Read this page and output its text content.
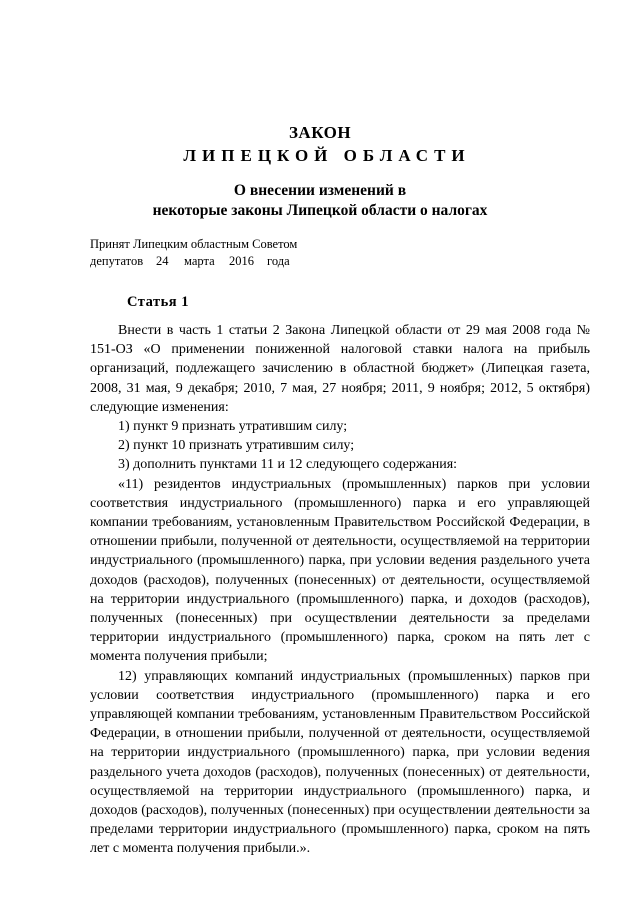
ЗАКОН
ЛИПЕЦКОЙ ОБЛАСТИ
О внесении изменений в
некоторые законы Липецкой области о налогах
Принят Липецким областным Советом
депутатов	24	марта	2016	года
Статья 1

Внести в часть 1 статьи 2 Закона Липецкой области от 29 мая 2008 года № 151-ОЗ «О применении пониженной налоговой ставки налога на прибыль организаций, подлежащего зачислению в областной бюджет» (Липецкая газета, 2008, 31 мая, 9 декабря; 2010, 7 мая, 27 ноября; 2011, 9 ноября; 2012, 5 октября) следующие изменения:

1) пункт 9 признать утратившим силу;

2) пункт 10 признать утратившим силу;

3) дополнить пунктами 11 и 12 следующего содержания:

«11) резидентов индустриальных (промышленных) парков при условии соответствия индустриального (промышленного) парка и его управляющей компании требованиям, установленным Правительством Российской Федерации, в отношении прибыли, полученной от деятельности, осуществляемой на территории индустриального (промышленного) парка, при условии ведения раздельного учета доходов (расходов), полученных (понесенных) от деятельности, осуществляемой на территории индустриального (промышленного) парка, и доходов (расходов), полученных (понесенных) при осуществлении деятельности за пределами территории индустриального (промышленного) парка, сроком на пять лет с момента получения прибыли;

12) управляющих компаний индустриальных (промышленных) парков при условии соответствия индустриального (промышленного) парка и его управляющей компании требованиям, установленным Правительством Российской Федерации, в отношении прибыли, полученной от деятельности, осуществляемой на территории индустриального (промышленного) парка, при условии ведения раздельного учета доходов (расходов), полученных (понесенных) от деятельности, осуществляемой на территории индустриального (промышленного) парка, и доходов (расходов), полученных (понесенных) при осуществлении деятельности за пределами территории индустриального (промышленного) парка, сроком на пять лет с момента получения прибыли.».
